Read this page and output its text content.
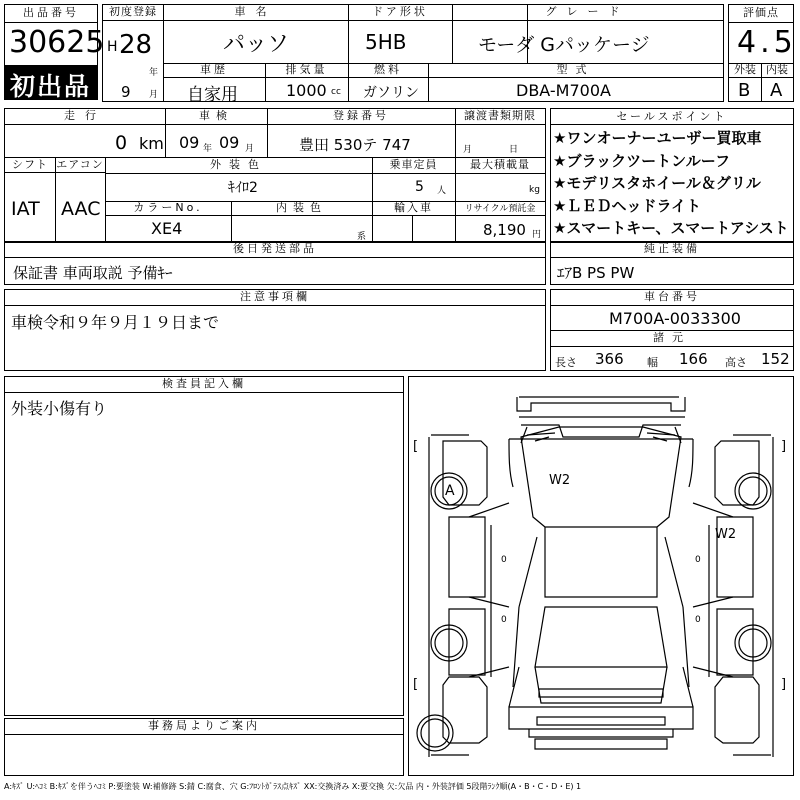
出品番号
30625
初出品
初度登録
H 28
年
9 月
車名
パッソ
ドア形状
5HB
グレード
モーダ Gパッケージ
車歴
自家用
排気量
1000 cc
燃料
ガソリン
型式
DBA-M700A
評価点
4.5
外装 内装
B A
走行
0 km
車検
09 年 09 月
登録番号
豊田 530テ 747
譲渡書類期限
月	日
シフト
IAT
エアコン
AAC
外装色
ｷｲﾛ2
乗車定員
5 人
最大積載量
kg
カラーNo.
XE4
内装色
系
輸入車	リサイクル預託金
8,190 円
セールスポイント
★ワンオーナーユーザー買取車
★ブラックツートンルーフ
★モデリスタホイール＆グリル
★ＬＥＤヘッドライト
★スマートキー、スマートアシスト
後日発送部品
保証書 車両取説 予備ｷｰ
純正装備
ｴｱB PS PW
注意事項欄
車検令和９年９月１９日まで
車台番号
M700A-0033300
諸元
長さ 366 幅 166 高さ 152
検査員記入欄
外装小傷有り
事務局よりご案内
A
W2
W2
[	]
[	]
0
0
0
0
A:ｷｽﾞ U:ﾍｺﾐ B:ｷｽﾞを伴うﾍｺﾐ P:要塗装 W:補修跡 S:錆 C:腐食、穴 G:ﾌﾛﾝﾄｶﾞﾗｽ点ｷｽﾞ XX:交換済み X:要交換 欠:欠品 内・外装評価 5段階ﾗﾝｸ順(A・B・C・D・E) 1
